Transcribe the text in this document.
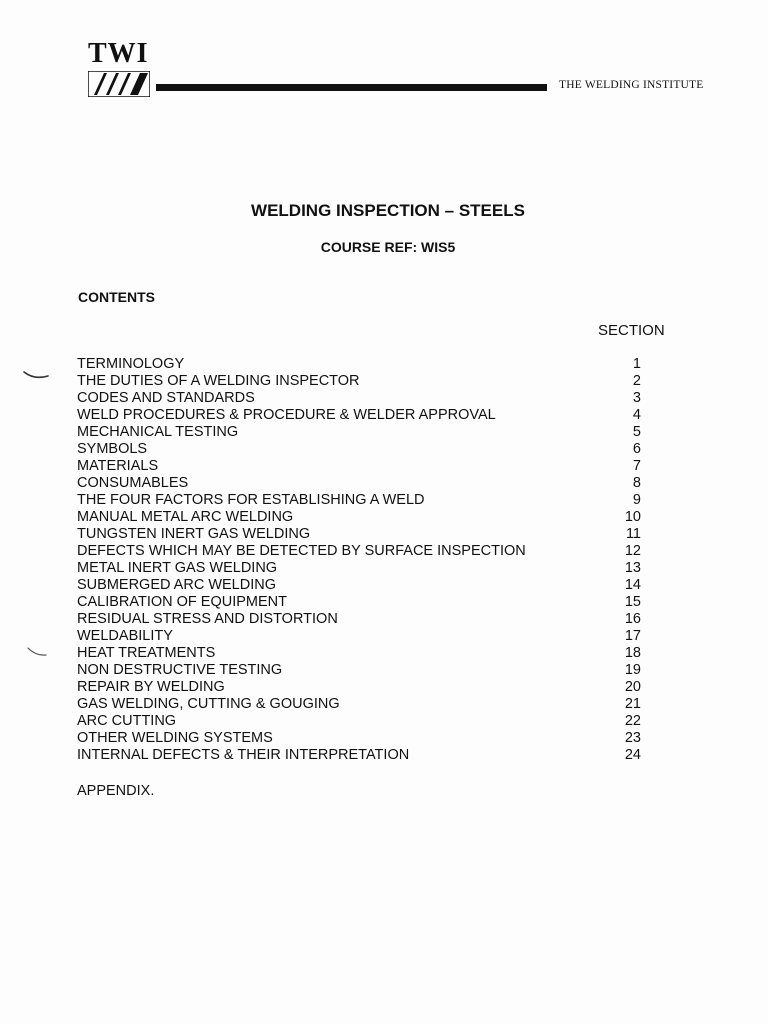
TWI
THE WELDING INSTITUTE
WELDING INSPECTION – STEELS
COURSE REF: WIS5
CONTENTS
SECTION
TERMINOLOGY	1
THE DUTIES OF A WELDING INSPECTOR	2
CODES AND STANDARDS	3
WELD PROCEDURES & PROCEDURE & WELDER APPROVAL	4
MECHANICAL TESTING	5
SYMBOLS	6
MATERIALS	7
CONSUMABLES	8
THE FOUR FACTORS FOR ESTABLISHING A WELD	9
MANUAL METAL ARC WELDING	10
TUNGSTEN INERT GAS WELDING	11
DEFECTS WHICH MAY BE DETECTED BY SURFACE INSPECTION	12
METAL INERT GAS WELDING	13
SUBMERGED ARC WELDING	14
CALIBRATION OF EQUIPMENT	15
RESIDUAL STRESS AND DISTORTION	16
WELDABILITY	17
HEAT TREATMENTS	18
NON DESTRUCTIVE TESTING	19
REPAIR BY WELDING	20
GAS WELDING, CUTTING & GOUGING	21
ARC CUTTING	22
OTHER WELDING SYSTEMS	23
INTERNAL DEFECTS & THEIR INTERPRETATION	24
APPENDIX.
